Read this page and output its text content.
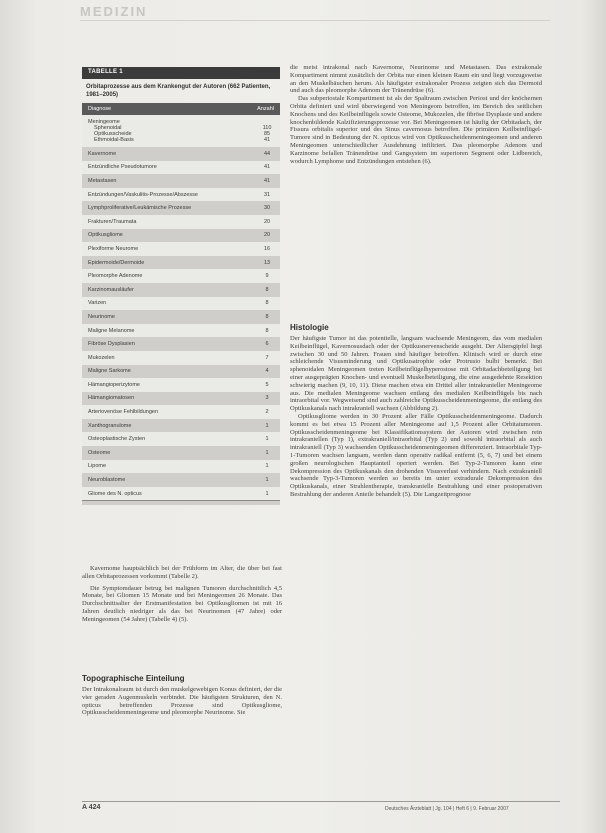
MEDIZIN
TABELLE 1
Orbitaprozesse aus dem Krankengut der Autoren (662 Patienten, 1981–2005)
Diagnose	Anzahl
Meningeome
Sphenoidal	110
Optikusscheide	85
Ethmoidal-Basis	41
Kavernome	44
Entzündliche Pseudotumore	41
Metastasen	41
Entzündungen/Vaskulitis-Prozesse/Abszesse	31
Lymphproliferative/Leukämische Prozesse	30
Frakturen/Traumata	20
Optikusgliome	20
Plexiforme Neurome	16
Epidermoide/Dermoide	13
Pleomorphe Adenome	9
Karzinomausläufer	8
Varizen	8
Neurinome	8
Maligne Melanome	8
Fibröse Dysplasien	6
Mukozelen	7
Maligne Sarkome	4
Hämangioperizytome	5
Hämangiomatosen	3
Arteriovenöse Fehlbildungen	2
Xanthogranulome	1
Osteoplastische Zysten	1
Osteome	1
Lipome	1
Neuroblastome	1
Gliome des N. opticus	1

Kavernome hauptsächlich bei der Frühform im Alter, die über bei fast allen Orbitaprozessen vorkommt (Tabelle 2).

Die Symptomdauer betrug bei malignen Tumoren durchschnittlich 4,5 Monate, bei Gliomen 15 Monate und bei Meningeomen 26 Monate. Das Durchschnittsalter der Erstmanifestation bei Optikusgliomen ist mit 16 Jahren deutlich niedriger als das bei Neurinomen (47 Jahre) oder Meningeomen (54 Jahre) (Tabelle 4) (5).

Topographische Einteilung

Der Intrakonalraum ist durch den muskelgewebigen Konus definiert, der die vier geraden Augenmuskeln verbindet. Die häufigsten Strukturen, den N. opticus betreffenden Prozesse sind Optikusgliome, Optikusscheidenmeningeome und pleomorphe Neurinome. Sie

die meist intrakonal nach Kavernome, Neurinome und Metastasen. Das extrakonale Kompartiment nimmt zusätzlich der Orbita nur einen kleinen Raum ein und liegt vorzugsweise an den Muskelbäuchen herum. Als häufigster extrakonaler Prozess zeigten sich das Dermoid und auch das pleomorphe Adenom der Tränendrüse (6).

Das subperiostale Kompartiment ist als der Spaltraum zwischen Periost und der knöchernen Orbita definiert und wird überwiegend von Meningeom betroffen, im Bereich des seitlichen Knochens und des Keilbeinflügels sowie Osteome, Mukozelen, die fibröse Dysplasie und andere knochenbildende Kalzifizierungsprozesse vor. Bei Meningeomen ist häufig der Orbitadach, der Fissura orbitalis superior und des Sinus cavernosus betroffen. Die primären Keilbeinflügel-Tumore sind in Bedeutung der N. opticus wird von Optikusscheidenmeningeomen und anderen Meningeomen unterschiedlicher Ausdehnung infiltriert. Das pleomorphe Adenom und Karzinome befallen Tränendrüse und Gangsystem im superioren Segment oder Lidbereich, wodurch Lymphome und Entzündungen entstehen (6).

Histologie

Der häufigste Tumor ist das potentielle, langsam wachsende Meningeom, das vom medialen Keilbeinflügel, Kavernosusdach oder der Optikusnervenscheide ausgeht. Der Altersgipfel liegt zwischen 30 und 50 Jahren. Frauen sind häufiger betroffen. Klinisch wird er durch eine schleichende Visusminderung und Optikusatrophie oder Protrusio bulbi bemerkt. Bei sphenoidalen Meningeomen treten Keilbeinflügelhyperostose mit Orbitadachbeteiligung bei einer ausgeprägten Knochen- und eventuell Muskelbeteiligung, die eine ausgedehnte Resektion schwierig machen (9, 10, 11). Diese machen etwa ein Drittel aller intrakranieller Meningeome aus. Die medialen Meningeome wachsen entlang des medialen Keilbeinflügels bis nach intraorbital vor. Wegweisend sind auch zahlreiche Optikusscheidenmeningeome, die entlang des Optikuskanals nach intrakraniell wachsen (Abbildung 2).

Optikusgliome werden in 30 Prozent aller Fälle Optikusscheidenmeningeome. Dadurch kommt es bei etwa 15 Prozent aller Meningeome auf 1,5 Prozent aller Orbitatumoren. Optikusscheidenmeningeome bei Klassifikationssystem der Autoren wird zwischen rein intrakraniellen (Typ 1), extrakraniell/intraorbital (Typ 2) und sowohl intraorbital als auch intrakraniell (Typ 3) wachsenden Optikusscheidenmeningeomen differenziert. Intraorbitale Typ-1-Tumoren wachsen langsam, werden dann operativ radikal entfernt (5, 6, 7) und bei einem großen neurologischen Hauptanteil operiert werden. Bei Typ-2-Tumoren kann eine Dekompression des Optikuskanals den drohenden Visusverlust verhindern. Nach extrakraniell wachsende Typ-3-Tumoren werden so bereits im unter extradurale Dekompression des Optikuskanals, einer Strahlentherapie, transkranielle Bestrahlung und einer postoperativen Bestrahlung der anderen Anteile behandelt (5). Die Langzeitprognose

A 424	Deutsches Ärzteblatt | Jg. 104 | Heft 6 | 9. Februar 2007
